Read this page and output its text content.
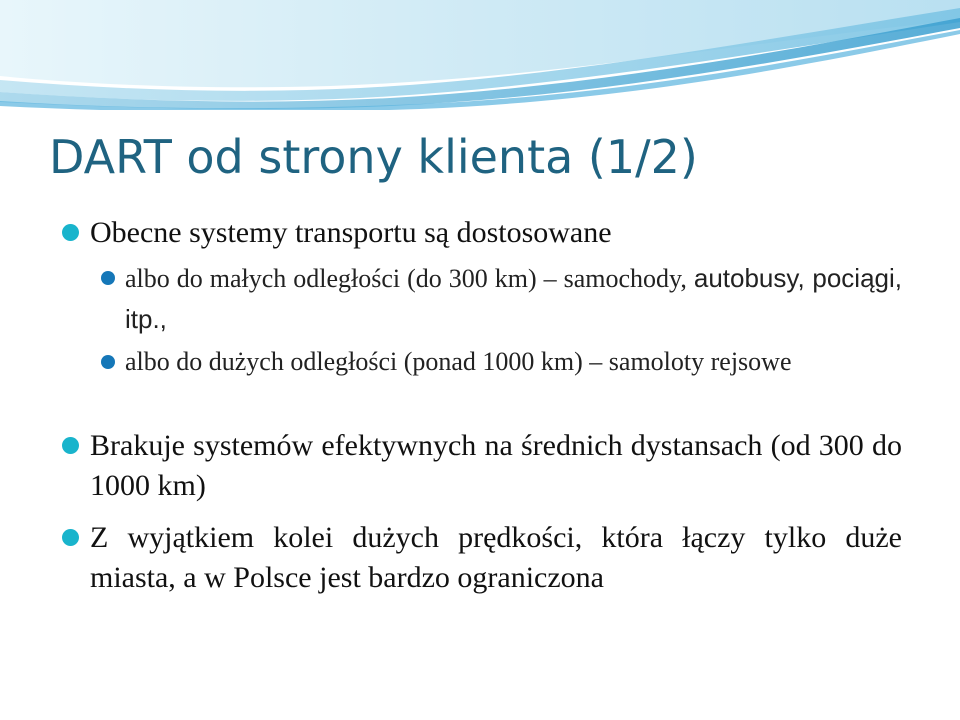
DART od strony klienta (1/2)
Obecne systemy transportu są dostosowane
albo do małych odległości (do 300 km) – samochody, autobusy, pociągi, itp.,
albo do dużych odległości (ponad 1000 km) – samoloty rejsowe
Brakuje systemów efektywnych na średnich dystansach (od 300 do 1000 km)
Z wyjątkiem kolei dużych prędkości, która łączy tylko duże miasta, a w Polsce jest bardzo ograniczona
